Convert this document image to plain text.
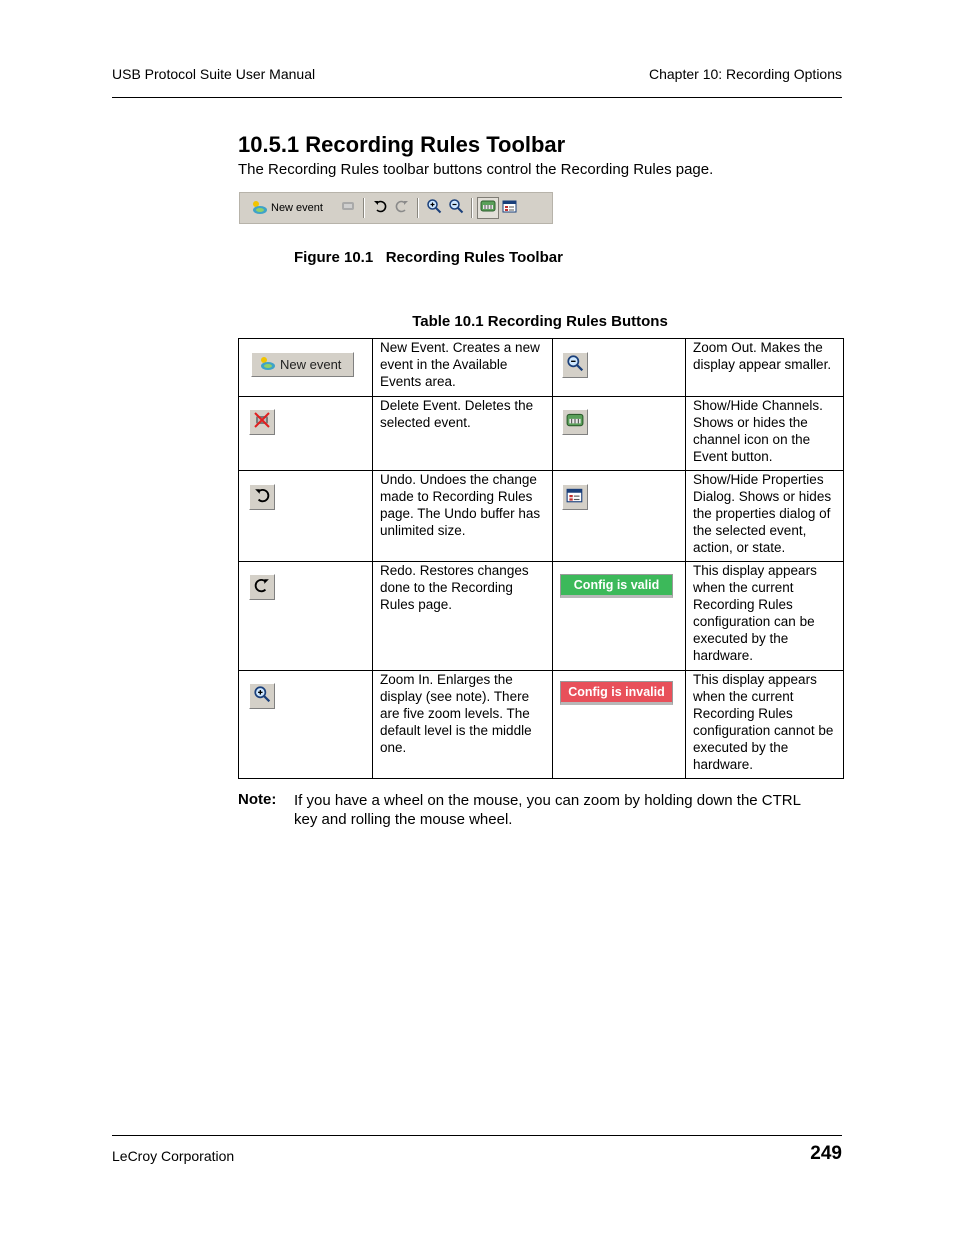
USB Protocol Suite User Manual	Chapter 10: Recording Options
10.5.1 Recording Rules Toolbar
The Recording Rules toolbar buttons control the Recording Rules page.
New event
Figure 10.1   Recording Rules Toolbar
Table 10.1 Recording Rules Buttons
New event	New Event. Creates a new event in the Available Events area.		Zoom Out. Makes the display appear smaller.

	Delete Event. Deletes the selected event.		Show/Hide Channels. Shows or hides the channel icon on the Event button.

	Undo. Undoes the change made to Recording Rules page. The Undo buffer has unlimited size.		Show/Hide Properties Dialog. Shows or hides the properties dialog of the selected event, action, or state.

	Redo. Restores changes done to the Recording Rules page.	Config is valid	This display appears when the current Recording Rules configuration can be executed by the hardware.

	Zoom In. Enlarges the display (see note). There are five zoom levels. The default level is the middle one.	Config is invalid	This display appears when the current Recording Rules configuration cannot be executed by the hardware.
Note: If you have a wheel on the mouse, you can zoom by holding down the CTRL key and rolling the mouse wheel.
LeCroy Corporation	249
